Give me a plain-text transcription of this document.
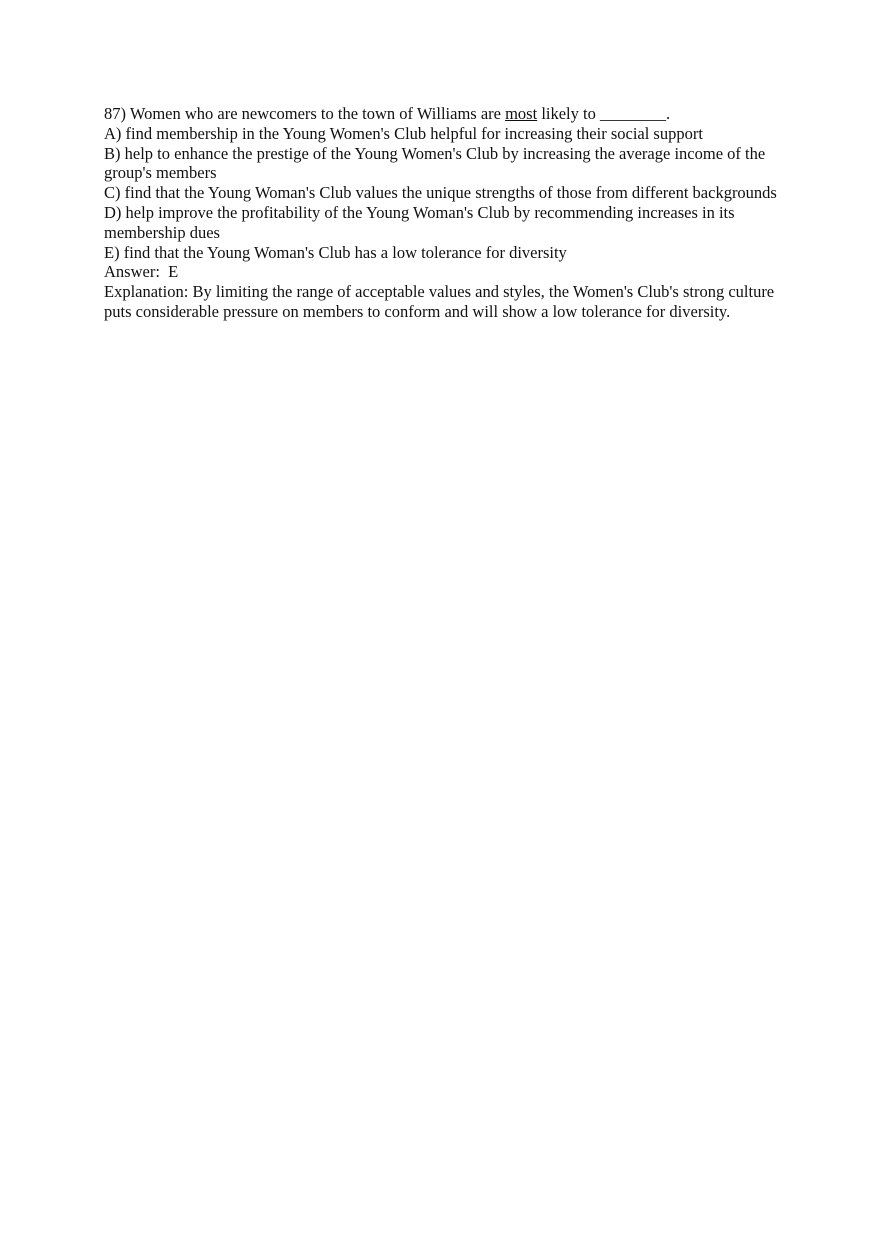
87) Women who are newcomers to the town of Williams are most likely to ________.

A) find membership in the Young Women's Club helpful for increasing their social support

B) help to enhance the prestige of the Young Women's Club by increasing the average income of the group's members

C) find that the Young Woman's Club values the unique strengths of those from different backgrounds

D) help improve the profitability of the Young Woman's Club by recommending increases in its membership dues

E) find that the Young Woman's Club has a low tolerance for diversity

Answer: E

Explanation: By limiting the range of acceptable values and styles, the Women's Club's strong culture puts considerable pressure on members to conform and will show a low tolerance for diversity.
